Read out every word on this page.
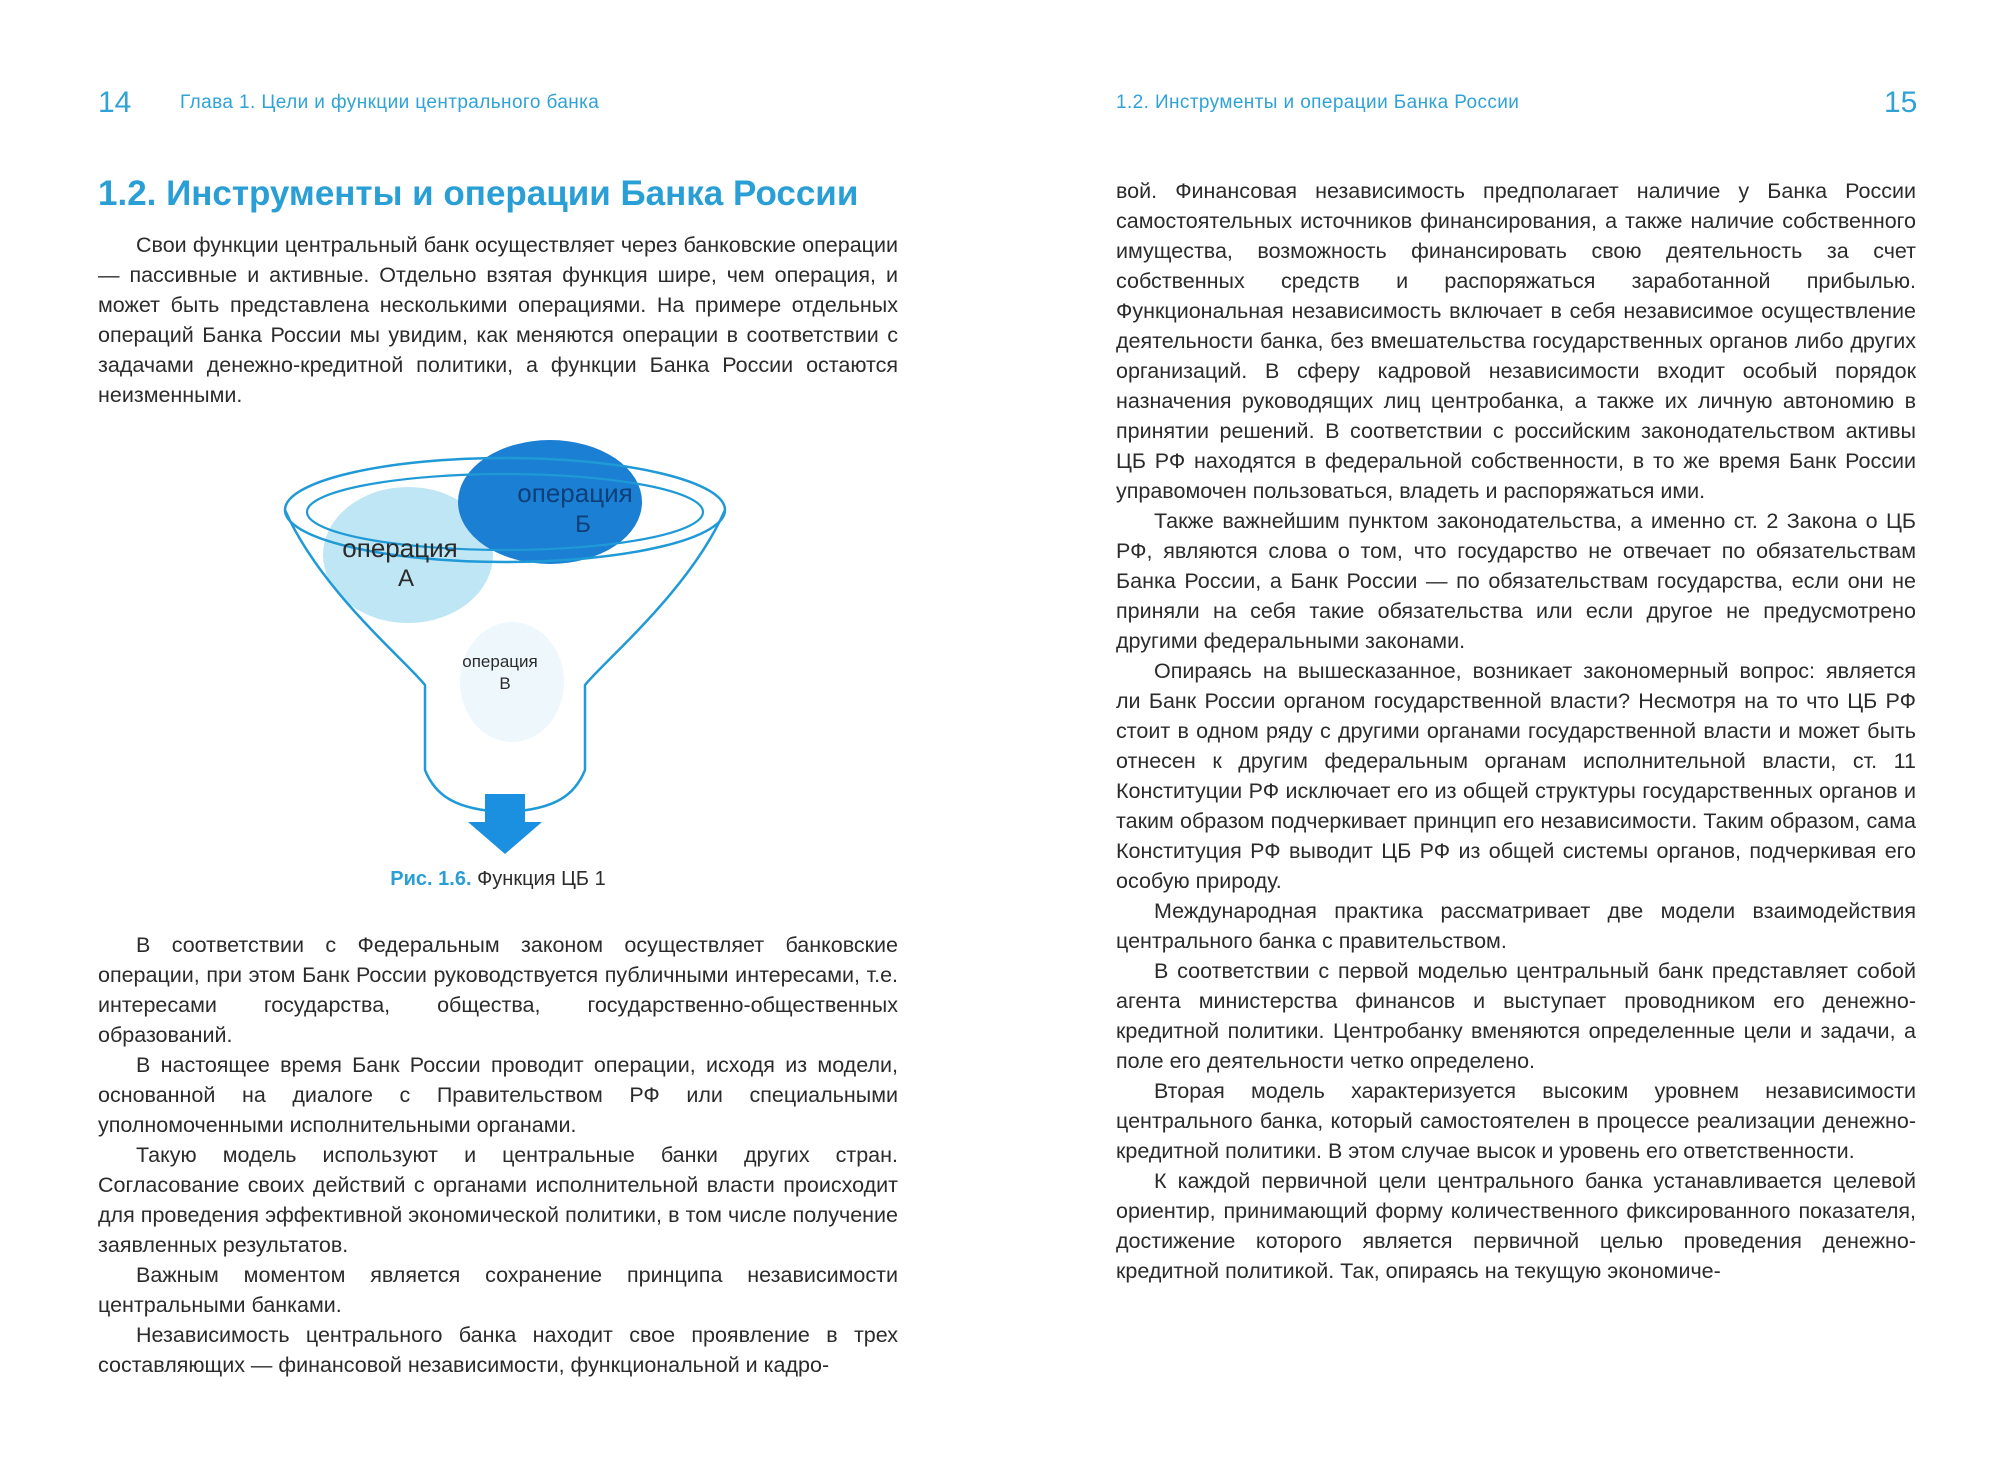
14	Глава 1. Цели и функции центрального банка
1.2. Инструменты и операции Банка России

Свои функции центральный банк осуществляет через банковские операции — пассивные и активные. Отдельно взятая функция шире, чем операция, и может быть представлена несколькими операциями. На примере отдельных операций Банка России мы увидим, как меняются операции в соответствии с задачами денежно-кредитной политики, а функции Банка России остаются неизменными.

операция
А
операция
Б
операция
В
Рис. 1.6. Функция ЦБ 1

В соответствии с Федеральным законом осуществляет банковские операции, при этом Банк России руководствуется публичными интересами, т.е. интересами государства, общества, государственно-общественных образований.

В настоящее время Банк России проводит операции, исходя из модели, основанной на диалоге с Правительством РФ или специальными уполномоченными исполнительными органами.

Такую модель используют и центральные банки других стран. Согласование своих действий с органами исполнительной власти происходит для проведения эффективной экономической политики, в том числе получение заявленных результатов.

Важным моментом является сохранение принципа независимости центральными банками.

Независимость центрального банка находит свое проявление в трех составляющих — финансовой независимости, функциональной и кадро-

1.2. Инструменты и операции Банка России	15

вой. Финансовая независимость предполагает наличие у Банка России самостоятельных источников финансирования, а также наличие собственного имущества, возможность финансировать свою деятельность за счет собственных средств и распоряжаться заработанной прибылью. Функциональная независимость включает в себя независимое осуществление деятельности банка, без вмешательства государственных органов либо других организаций. В сферу кадровой независимости входит особый порядок назначения руководящих лиц центробанка, а также их личную автономию в принятии решений. В соответствии с российским законодательством активы ЦБ РФ находятся в федеральной собственности, в то же время Банк России управомочен пользоваться, владеть и распоряжаться ими.

Также важнейшим пунктом законодательства, а именно ст. 2 Закона о ЦБ РФ, являются слова о том, что государство не отвечает по обязательствам Банка России, а Банк России — по обязательствам государства, если они не приняли на себя такие обязательства или если другое не предусмотрено другими федеральными законами.

Опираясь на вышесказанное, возникает закономерный вопрос: является ли Банк России органом государственной власти? Несмотря на то что ЦБ РФ стоит в одном ряду с другими органами государственной власти и может быть отнесен к другим федеральным органам исполнительной власти, ст. 11 Конституции РФ исключает его из общей структуры государственных органов и таким образом подчеркивает принцип его независимости. Таким образом, сама Конституция РФ выводит ЦБ РФ из общей системы органов, подчеркивая его особую природу.

Международная практика рассматривает две модели взаимодействия центрального банка с правительством.

В соответствии с первой моделью центральный банк представляет собой агента министерства финансов и выступает проводником его денежно-кредитной политики. Центробанку вменяются определенные цели и задачи, а поле его деятельности четко определено.

Вторая модель характеризуется высоким уровнем независимости центрального банка, который самостоятелен в процессе реализации денежно-кредитной политики. В этом случае высок и уровень его ответственности.

К каждой первичной цели центрального банка устанавливается целевой ориентир, принимающий форму количественного фиксированного показателя, достижение которого является первичной целью проведения денежно-кредитной политикой. Так, опираясь на текущую экономиче-
